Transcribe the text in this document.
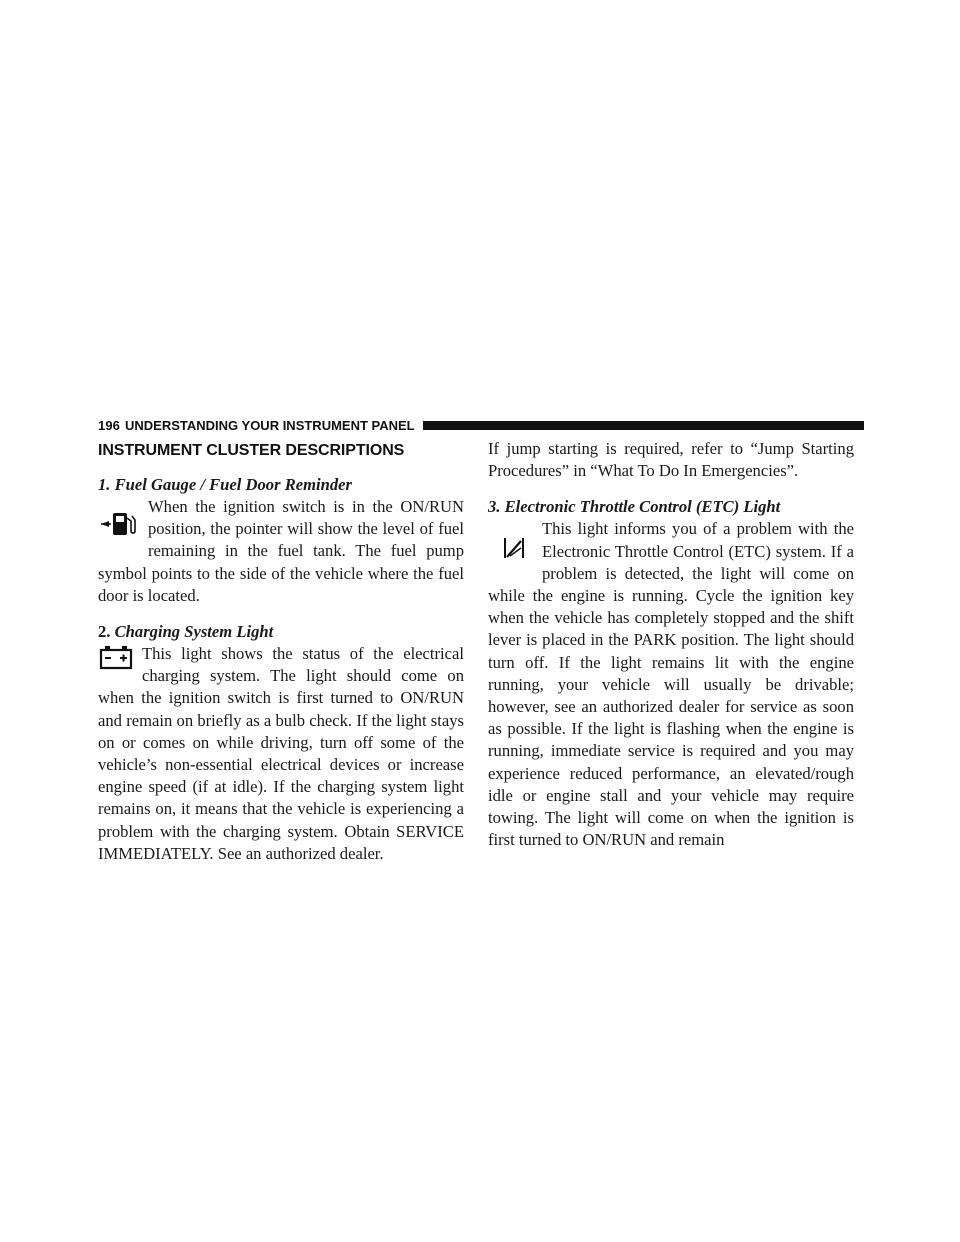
196 UNDERSTANDING YOUR INSTRUMENT PANEL
INSTRUMENT CLUSTER DESCRIPTIONS
1. Fuel Gauge / Fuel Door Reminder
When the ignition switch is in the ON/RUN position, the pointer will show the level of fuel remaining in the fuel tank. The fuel pump symbol points to the side of the vehicle where the fuel door is located.
2. Charging System Light
This light shows the status of the electrical charging system. The light should come on when the ignition switch is first turned to ON/RUN and remain on briefly as a bulb check. If the light stays on or comes on while driving, turn off some of the vehicle’s non-essential electrical devices or increase engine speed (if at idle). If the charging system light remains on, it means that the vehicle is experiencing a problem with the charging system. Obtain SERVICE IMMEDIATELY. See an authorized dealer.
If jump starting is required, refer to “Jump Starting Procedures” in “What To Do In Emergencies”.
3. Electronic Throttle Control (ETC) Light
This light informs you of a problem with the Electronic Throttle Control (ETC) system. If a problem is detected, the light will come on while the engine is running. Cycle the ignition key when the vehicle has completely stopped and the shift lever is placed in the PARK position. The light should turn off. If the light remains lit with the engine running, your vehicle will usually be drivable; however, see an authorized dealer for service as soon as possible. If the light is flashing when the engine is running, immediate service is required and you may experience reduced performance, an elevated/rough idle or engine stall and your vehicle may require towing. The light will come on when the ignition is first turned to ON/RUN and remain
